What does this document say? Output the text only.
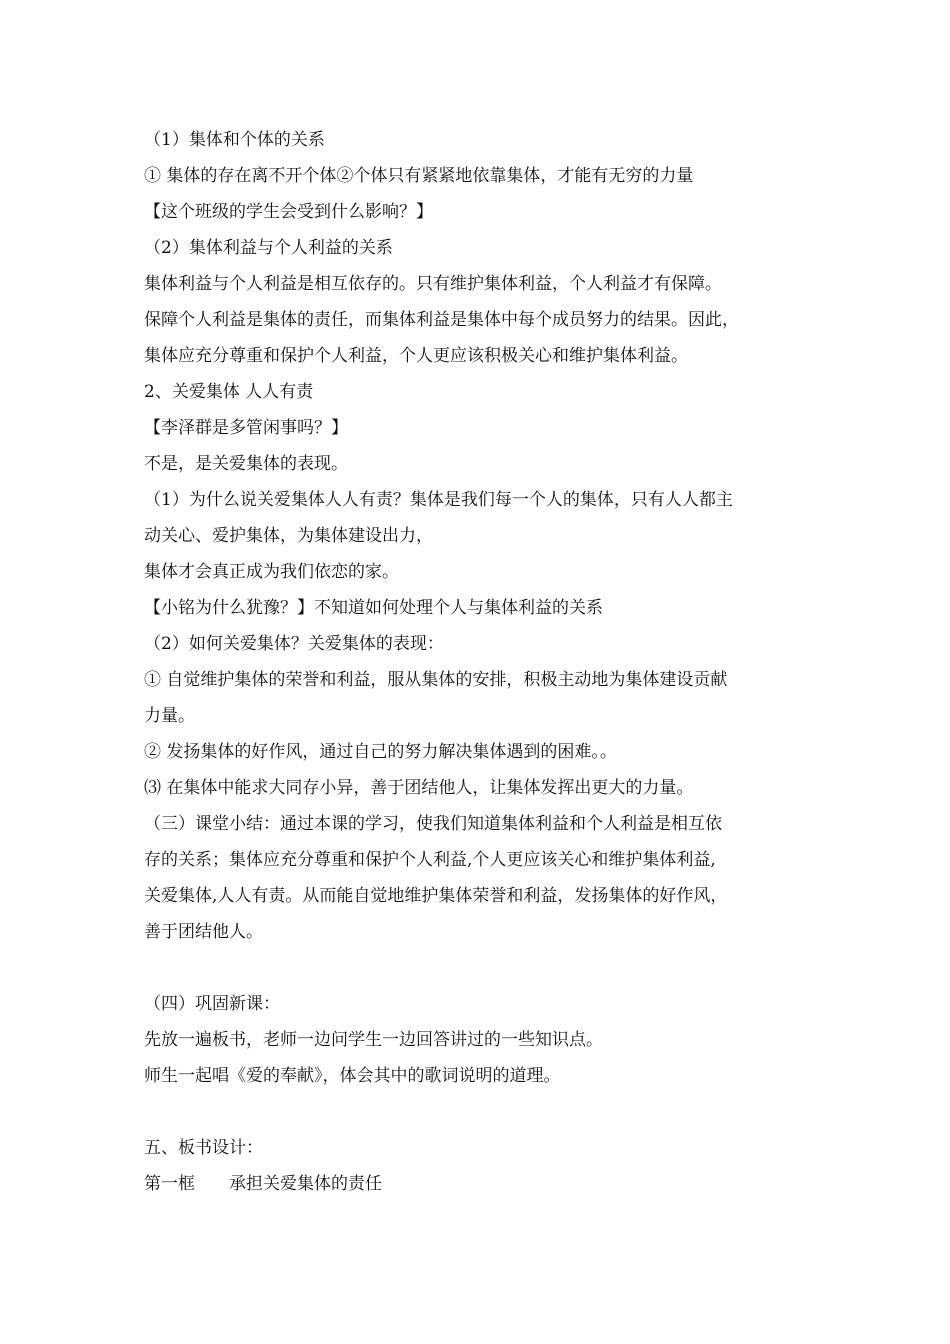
（1）集体和个体的关系
① 集体的存在离不开个体②个体只有紧紧地依靠集体，才能有无穷的力量
【这个班级的学生会受到什么影响？】
（2）集体利益与个人利益的关系
集体利益与个人利益是相互依存的。只有维护集体利益，个人利益才有保障。
保障个人利益是集体的责任，而集体利益是集体中每个成员努力的结果。因此，
集体应充分尊重和保护个人利益，个人更应该积极关心和维护集体利益。
2、关爱集体 人人有责
【李泽群是多管闲事吗？】
不是，是关爱集体的表现。
（1）为什么说关爱集体人人有责？集体是我们每一个人的集体，只有人人都主
动关心、爱护集体，为集体建设出力，
集体才会真正成为我们依恋的家。
【小铭为什么犹豫？】不知道如何处理个人与集体利益的关系
（2）如何关爱集体？关爱集体的表现：
① 自觉维护集体的荣誉和利益，服从集体的安排，积极主动地为集体建设贡献
力量。
② 发扬集体的好作风，通过自己的努力解决集体遇到的困难。。
⑶ 在集体中能求大同存小异，善于团结他人，让集体发挥出更大的力量。
（三）课堂小结：通过本课的学习，使我们知道集体利益和个人利益是相互依
存的关系；集体应充分尊重和保护个人利益,个人更应该关心和维护集体利益,
关爱集体,人人有责。从而能自觉地维护集体荣誉和利益，发扬集体的好作风，
善于团结他人。
（四）巩固新课：
先放一遍板书，老师一边问学生一边回答讲过的一些知识点。
师生一起唱《爱的奉献》，体会其中的歌词说明的道理。
五、板书设计：
第一框　　承担关爱集体的责任
